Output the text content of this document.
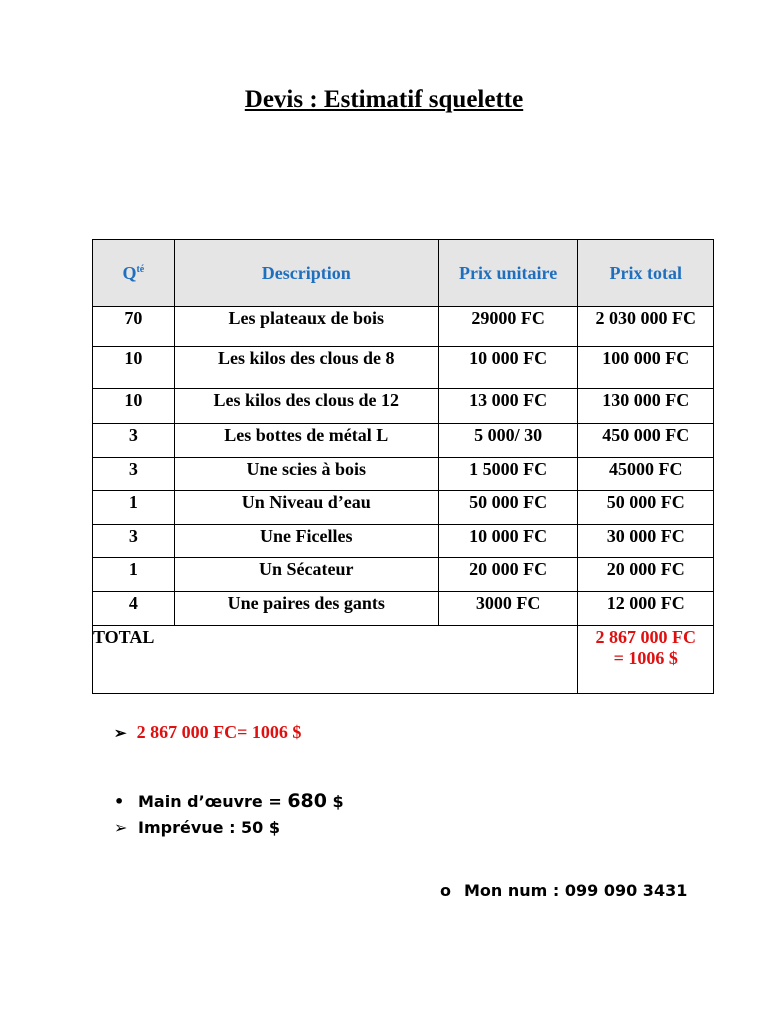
Devis : Estimatif squelette
$Q^{té}$	Description	Prix unitaire	Prix total
70	Les plateaux de bois	29000 FC	2 030 000 FC
10	Les kilos des clous de 8	10 000 FC	100 000 FC
10	Les kilos des clous de 12	13 000 FC	130 000 FC
3	Les bottes de métal L	5 000/ 30	450 000 FC
3	Une scies à bois	1 5000 FC	45000 FC
1	Un Niveau d’eau	50 000 FC	50 000 FC
3	Une Ficelles	10 000 FC	30 000 FC
1	Un Sécateur	20 000 FC	20 000 FC
4	Une paires des gants	3000 FC	12 000 FC
TOTAL			2 867 000 FC
= 1006 $
➢ 2 867 000 FC= 1006 $
• Main d’œuvre = 680 $
➢ Imprévue : 50 $
o Mon num : 099 090 3431
